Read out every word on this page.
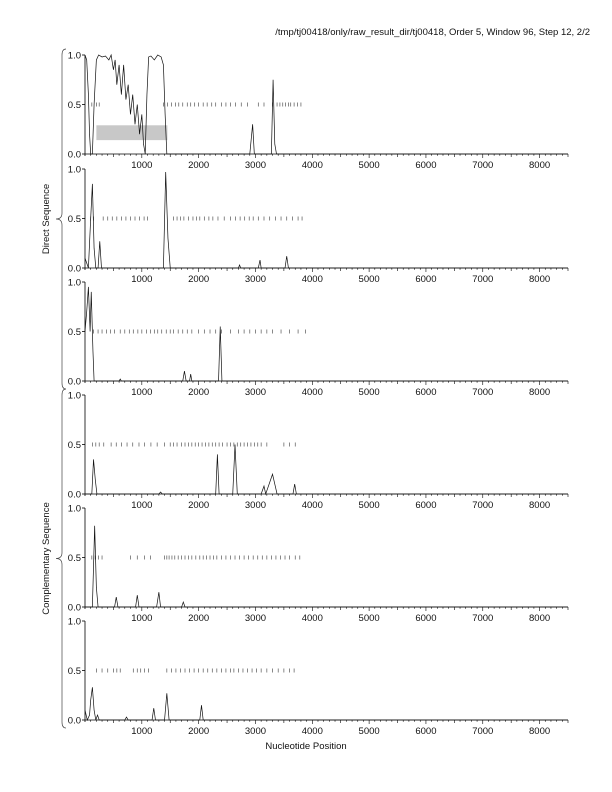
/tmp/tj00418/only/raw_result_dir/tj00418, Order 5, Window 96, Step 12, 2/2
0.0
0.5
1.0
1000	2000	3000	4000	5000	6000	7000	8000
0.0
0.5
1.0
1000	2000	3000	4000	5000	6000	7000	8000
0.0
0.5
1.0
1000	2000	3000	4000	5000	6000	7000	8000
0.0
0.5
1.0
1000	2000	3000	4000	5000	6000	7000	8000
0.0
0.5
1.0
1000	2000	3000	4000	5000	6000	7000	8000
0.0
0.5
1.0
1000	2000	3000	4000	5000	6000	7000	8000
Direct Sequence
Complementary Sequence
Nucleotide Position
